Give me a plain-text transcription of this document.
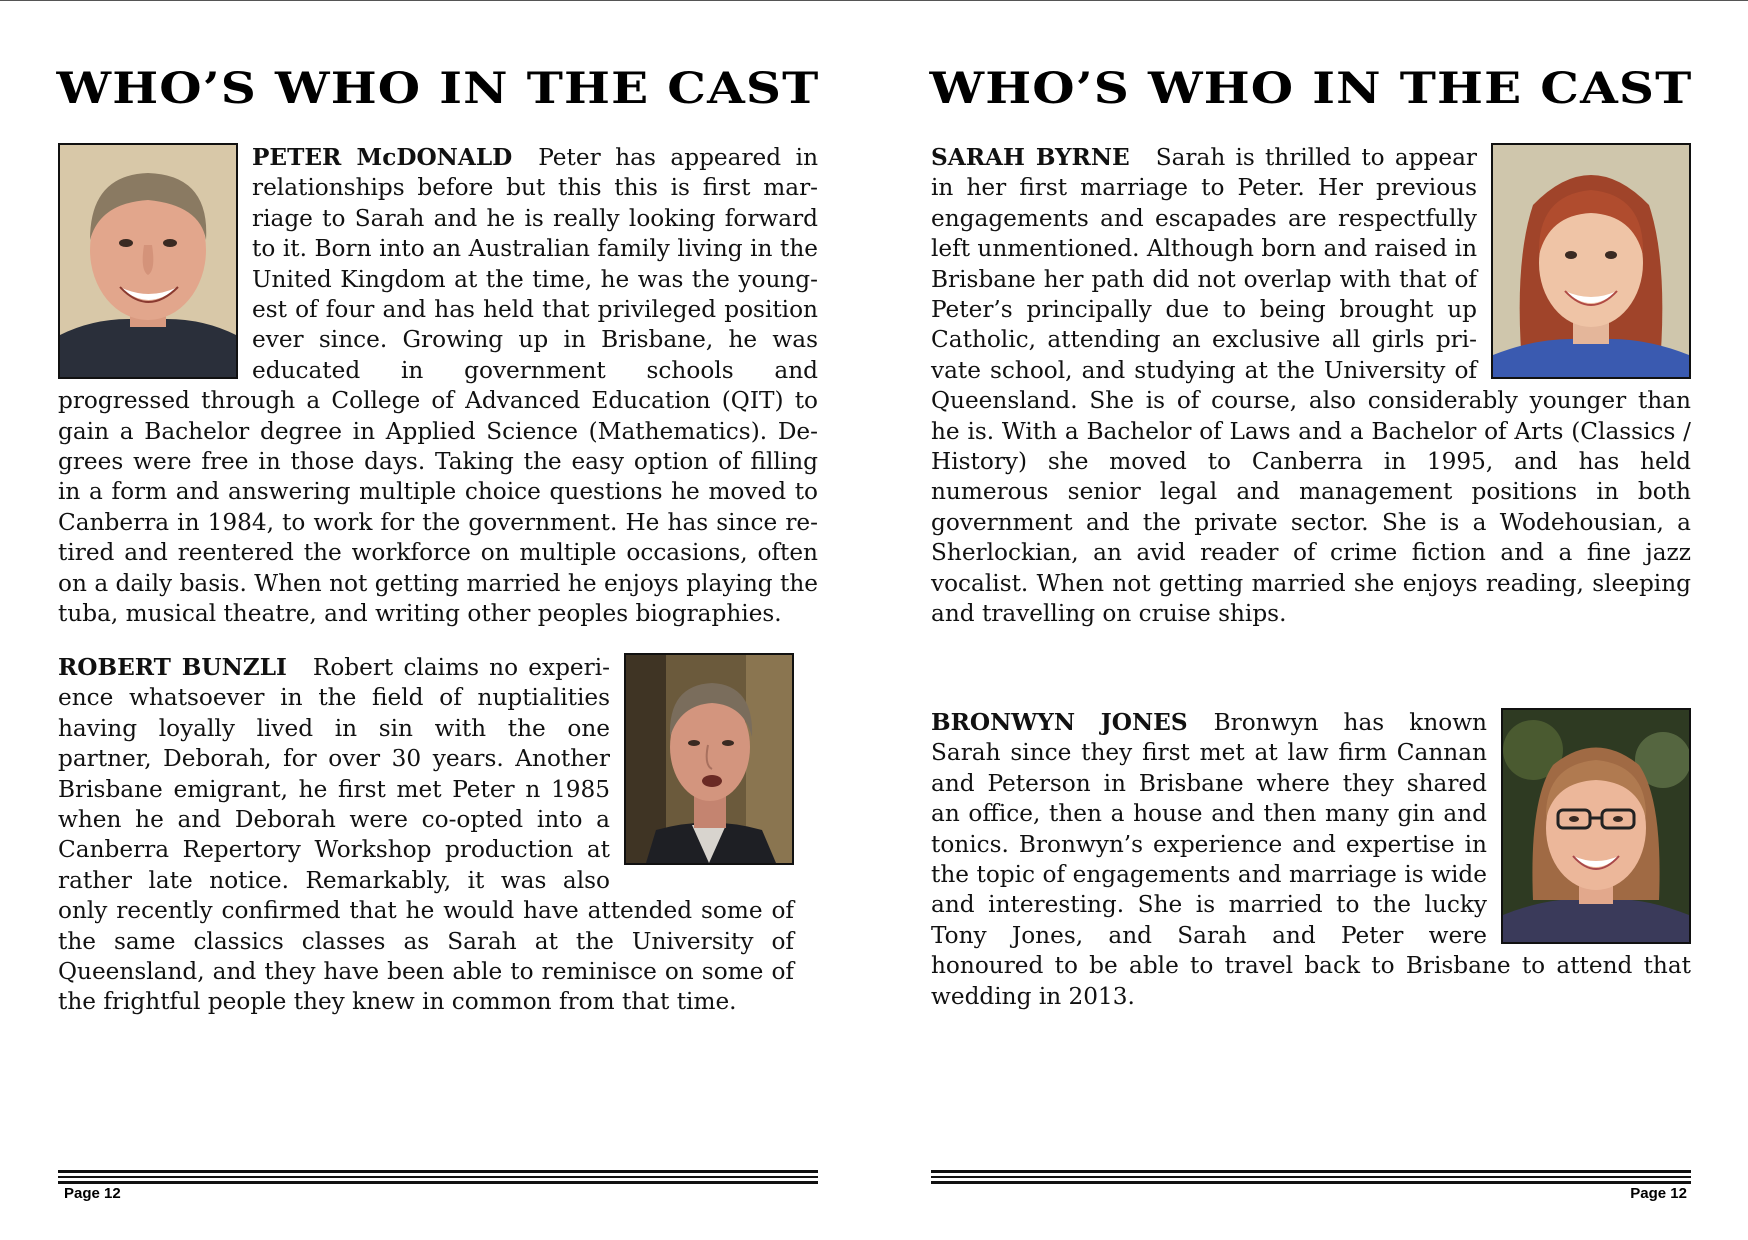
WHO’S WHO IN THE CAST
PETER McDONALD Peter has appeared in relationships before but this this is first marriage to Sarah and he is really looking forward to it. Born into an Australian family living in the United Kingdom at the time, he was the youngest of four and has held that privileged position ever since. Growing up in Brisbane, he was educated in government schools and progressed through a College of Advanced Education (QIT) to gain a Bachelor degree in Applied Science (Mathematics). Degrees were free in those days. Taking the easy option of filling in a form and answering multiple choice questions he moved to Canberra in 1984, to work for the government. He has since retired and reentered the workforce on multiple occasions, often on a daily basis. When not getting married he enjoys playing the tuba, musical theatre, and writing other peoples biographies.
ROBERT BUNZLI Robert claims no experience whatsoever in the field of nuptialities having loyally lived in sin with the one partner, Deborah, for over 30 years. Another Brisbane emigrant, he first met Peter n 1985 when he and Deborah were co-opted into a Canberra Repertory Workshop production at rather late notice. Remarkably, it was also only recently confirmed that he would have attended some of the same classics classes as Sarah at the University of Queensland, and they have been able to reminisce on some of the frightful people they knew in common from that time.
Page 12
WHO’S WHO IN THE CAST
SARAH BYRNE Sarah is thrilled to appear in her first marriage to Peter. Her previous engagements and escapades are respectfully left unmentioned. Although born and raised in Brisbane her path did not overlap with that of Peter’s principally due to being brought up Catholic, attending an exclusive all girls private school, and studying at the University of Queensland. She is of course, also considerably younger than he is. With a Bachelor of Laws and a Bachelor of Arts (Classics / History) she moved to Canberra in 1995, and has held numerous senior legal and management positions in both government and the private sector. She is a Wodehousian, a Sherlockian, an avid reader of crime fiction and a fine jazz vocalist. When not getting married she enjoys reading, sleeping and travelling on cruise ships.
BRONWYN JONES Bronwyn has known Sarah since they first met at law firm Cannan and Peterson in Brisbane where they shared an office, then a house and then many gin and tonics. Bronwyn’s experience and expertise in the topic of engagements and marriage is wide and interesting. She is married to the lucky Tony Jones, and Sarah and Peter were honoured to be able to travel back to Brisbane to attend that wedding in 2013.
Page 12
